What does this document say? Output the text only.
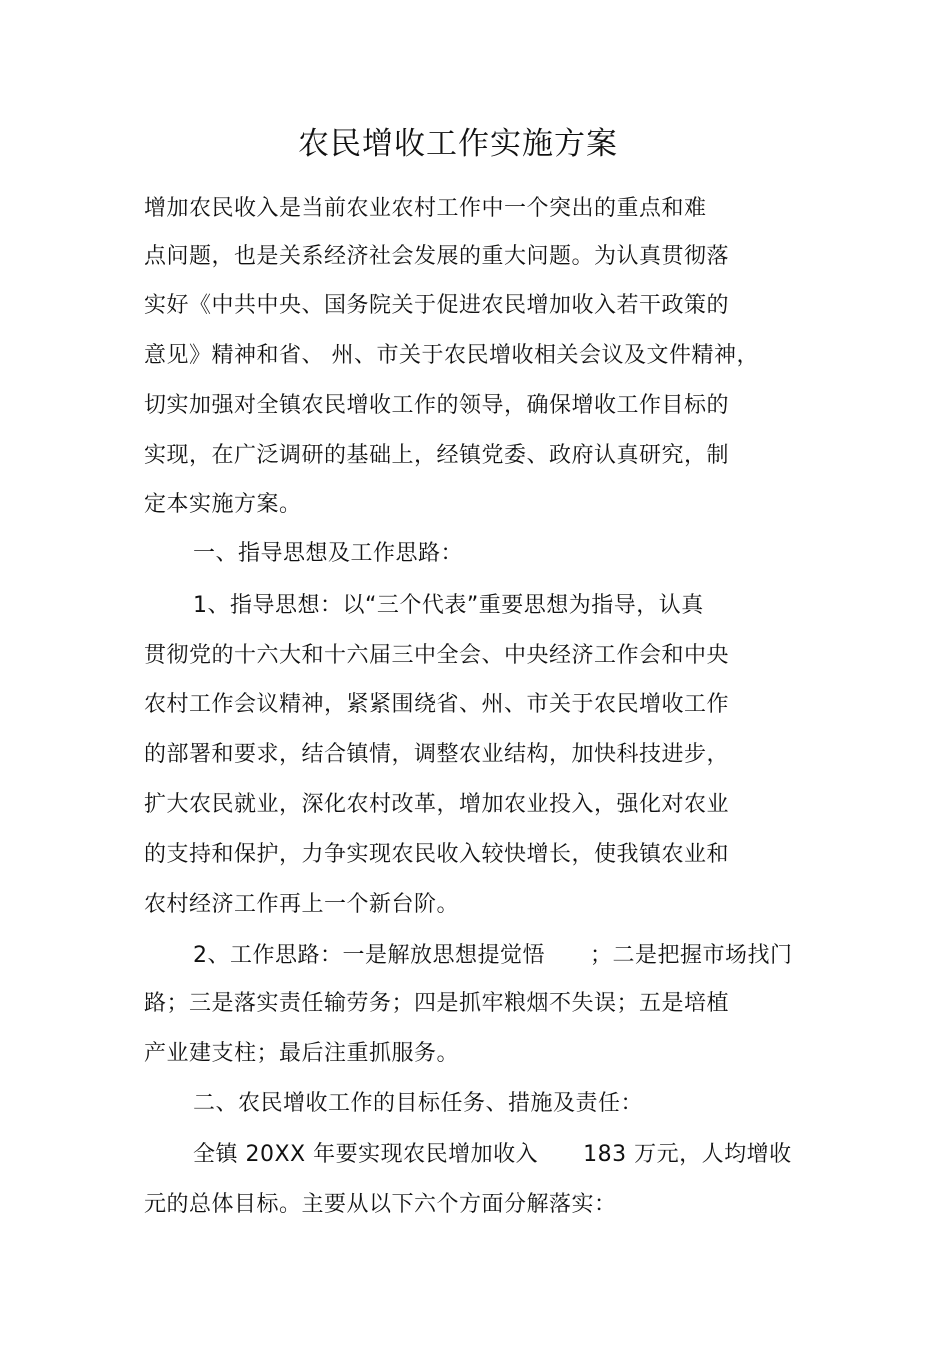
农民增收工作实施方案
增加农民收入是当前农业农村工作中一个突出的重点和难
点问题，也是关系经济社会发展的重大问题。为认真贯彻落
实好《中共中央、国务院关于促进农民增加收入若干政策的
意见》精神和省、 州、市关于农民增收相关会议及文件精神，
切实加强对全镇农民增收工作的领导，确保增收工作目标的
实现，在广泛调研的基础上，经镇党委、政府认真研究，制
定本实施方案。
一、指导思想及工作思路：
1、指导思想：以“三个代表”重要思想为指导，认真
贯彻党的十六大和十六届三中全会、中央经济工作会和中央
农村工作会议精神，紧紧围绕省、州、市关于农民增收工作
的部署和要求，结合镇情，调整农业结构，加快科技进步，
扩大农民就业，深化农村改革，增加农业投入，强化对农业
的支持和保护，力争实现农民收入较快增长，使我镇农业和
农村经济工作再上一个新台阶。
2、工作思路：一是解放思想提觉悟　　；二是把握市场找门
路；三是落实责任输劳务；四是抓牢粮烟不失误；五是培植
产业建支柱；最后注重抓服务。
二、农民增收工作的目标任务、措施及责任：
全镇 20XX 年要实现农民增加收入　　183 万元，人均增收
元的总体目标。主要从以下六个方面分解落实：
